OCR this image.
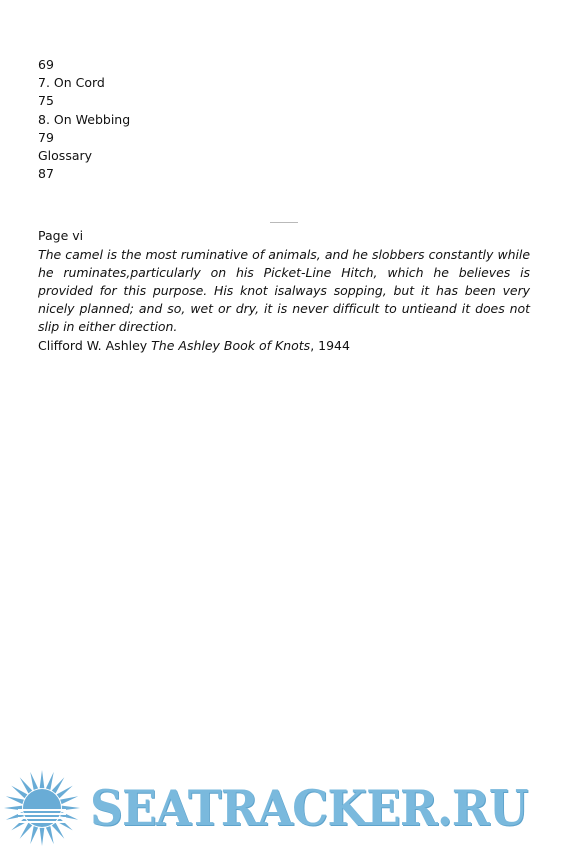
69
7. On Cord
75
8. On Webbing
79
Glossary
87
Page vi

The camel is the most ruminative of animals, and he slobbers constantly while he ruminates,particularly on his Picket-Line Hitch, which he believes is provided for this purpose. His knot isalways sopping, but it has been very nicely planned; and so, wet or dry, it is never difficult to untieand it does not slip in either direction.

Clifford W. Ashley The Ashley Book of Knots, 1944
SEATRACKER.RU
